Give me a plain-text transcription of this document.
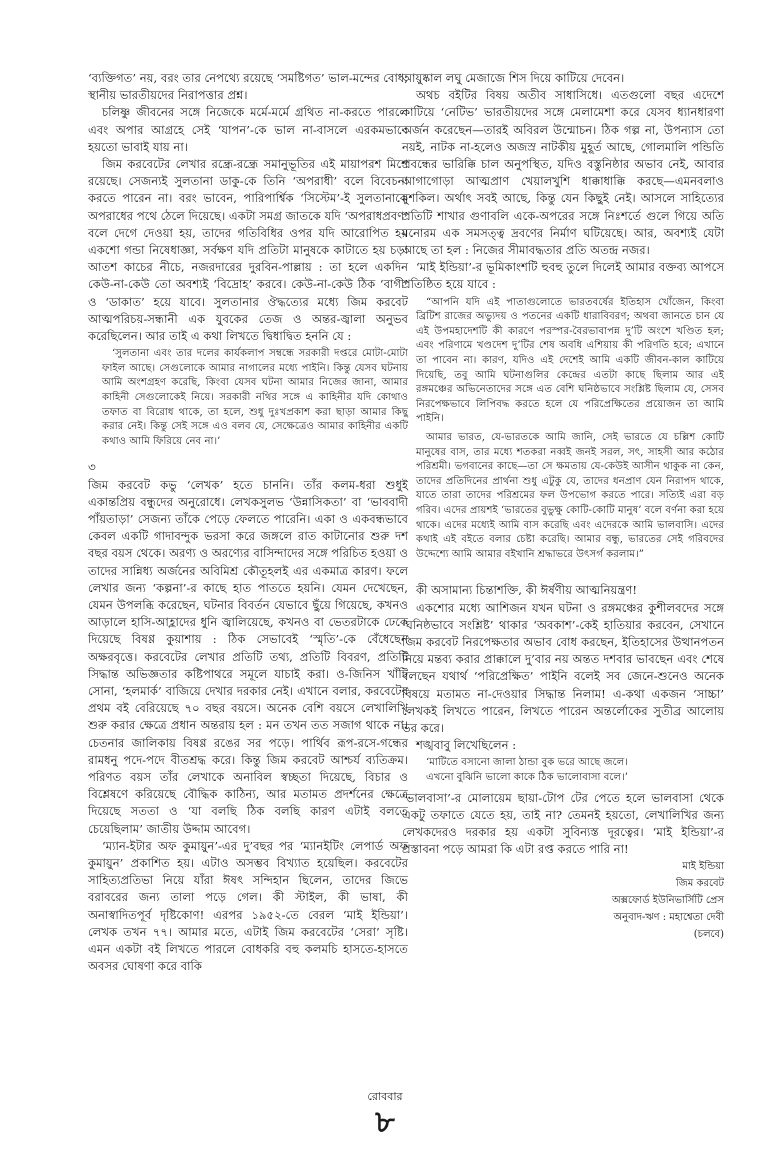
‘ব্যক্তিগত’ নয়, বরং তার নেপথ্যে রয়েছে ‘সমষ্টিগত’ ভাল-মন্দের বোধ, স্থানীয় ভারতীয়দের নিরাপত্তার প্রশ্ন।

চলিষ্ণু জীবনের সঙ্গে নিজেকে মর্মে-মর্মে গ্রথিত না-করতে পারলে এবং অপার আগ্রহে সেই ‘যাপন’-কে ভাল না-বাসলে এরকমভাবে হয়তো ভাবাই যায় না।

জিম করবেটের লেখার রন্ধ্রে-রন্ধ্রে সমানুভূতির এই মায়াপরশ মিশে রয়েছে। সেজন্যই সুলতানা ডাকু-কে তিনি ‘অপরাধী’ বলে বিবেচনা করতে পারেন না। বরং ভাবেন, পারিপার্শ্বিক ‘সিস্টেম’-ই সুলতানাকে অপরাধের পথে ঠেলে দিয়েছে। একটা সমগ্র জাতকে যদি ‘অপরাধপ্রবণ’ বলে দেগে দেওয়া হয়, তাদের গতিবিধির ওপর যদি আরোপিত হয় একশো গন্ডা নিষেধাজ্ঞা, সর্বক্ষণ যদি প্রতিটা মানুষকে কাটাতে হয় চড়া আতশ কাচের নীচে, নজরদারের দুরবিন-পাল্লায় : তা হলে একদিন কেউ-না-কেউ তো অবশ্যই ‘বিদ্রোহ’ করবে। কেউ-না-কেউ ঠিক ‘বাগী’ ও ‘ডাকাত’ হয়ে যাবে। সুলতানার ঔদ্ধত্যের মধ্যে জিম করবেট আত্মপরিচয়-সন্ধানী এক যুবকের তেজ ও অন্তর-জ্বালা অনুভব করেছিলেন। আর তাই এ কথা লিখতে দ্বিধাদ্বিত হননি যে :

‘সুলতানা এবং তার দলের কার্যকলাপ সম্বন্ধে সরকারী দপ্তরে মোটা-মোটা ফাইল আছে। সেগুলোকে আমার নাগালের মধ্যে পাইনি। কিন্তু যেসব ঘটনায় আমি অংশগ্রহণ করেছি, কিংবা যেসব ঘটনা আমার নিজের জানা, আমার কাহিনী সেগুলোকেই নিয়ে। সরকারী নথির সঙ্গে এ কাহিনীর যদি কোথাও তফাত বা বিরোধ থাকে, তা হলে, শুধু দুঃখপ্রকাশ করা ছাড়া আমার কিছু করার নেই। কিন্তু সেই সঙ্গে এও বলব যে, সেক্ষেত্রেও আমার কাহিনীর একটি কথাও আমি ফিরিয়ে নেব না।’

৩

জিম করবেট কভু ‘লেখক’ হতে চাননি। তাঁর কলম-ধরা শুধুই একান্তপ্রিয় বন্ধুদের অনুরোধে। লেখকসুলভ ‘উন্নাসিকতা’ বা ‘ভাববাদী পাঁয়তাড়া’ সেজন্য তাঁকে পেড়ে ফেলতে পারেনি। একা ও একবন্ধভাবে কেবল একটি গাদাবন্দুক ভরসা করে জঙ্গলে রাত কাটানোর শুরু দশ বছর বয়স থেকে। অরণ্য ও অরণ্যের বাসিন্দাদের সঙ্গে পরিচিত হওয়া ও তাদের সান্নিধ্য অর্জনের অবিমিশ্র কৌতূহলই এর একমাত্র কারণ। ফলে লেখার জন্য ‘কল্পনা’-র কাছে হাত পাততে হয়নি। যেমন দেখেছেন, যেমন উপলব্ধি করেছেন, ঘটনার বিবর্তন যেভাবে ছুঁয়ে গিয়েছে, কখনও আড়ালে হাসি-আহ্লাদের ধুনি জ্বালিয়েছে, কখনও বা ভেতরটাকে ঢেকে দিয়েছে বিষণ্ণ কুয়াশায় : ঠিক সেভাবেই ‘স্মৃতি’-কে বেঁধেছেন অক্ষরবৃত্তে। করবেটের লেখার প্রতিটি তথ্য, প্রতিটি বিবরণ, প্রতিটি সিদ্ধান্ত অভিজ্ঞতার কষ্টিপাথরে সমূলে যাচাই করা। ও-জিনিস খাঁটি সোনা, ‘হলমার্ক’ বাজিয়ে দেখার দরকার নেই। এখানে বলার, করবেটের প্রথম বই বেরিয়েছে ৭০ বছর বয়সে। অনেক বেশি বয়সে লেখালিখি শুরু করার ক্ষেত্রে প্রধান অন্তরায় হল : মন তখন তত সজাগ থাকে না। চেতনার জালিকায় বিষণ্ণ রঙের সর পড়ে। পার্থিব রূপ-রসে-গন্ধের রামধনু পদে-পদে বীতশ্রদ্ধ করে। কিন্তু জিম করবেট আশ্চর্য ব্যতিক্রম। পরিণত বয়স তাঁর লেখাকে অনাবিল স্বচ্ছতা দিয়েছে, বিচার ও বিশ্লেষণে করিয়েছে বৌদ্ধিক কাঠিন্য, আর মতামত প্রদর্শনের ক্ষেত্রে দিয়েছে সততা ও ‘যা বলছি ঠিক বলছি কারণ এটাই বলতে চেয়েছিলাম’ জাতীয় উদ্দাম আবেগ।

‘ম্যান-ইটার অফ কুমায়ুন’-এর দু’বছর পর ‘ম্যানইটিং লেপার্ড অফ কুমায়ুন’ প্রকাশিত হয়। এটাও অসম্ভব বিখ্যাত হয়েছিল। করবেটের সাহিত্যপ্রতিভা নিয়ে যাঁরা ঈষৎ সন্দিহান ছিলেন, তাদের জিভে বরাবরের জন্য তালা পড়ে গেল। কী স্টাইল, কী ভাষা, কী অনাস্বাদিতপূর্ব দৃষ্টিকোণ! এরপর ১৯৫২-তে বেরল ‘মাই ইন্ডিয়া’। লেখক তখন ৭৭। আমার মতে, এটাই জিম করবেটের ‘সেরা’ সৃষ্টি। এমন একটা বই লিখতে পারলে বোধকরি বহু কলমচি হাসতে-হাসতে অবসর ঘোষণা করে বাকি

আয়ুষ্কাল লঘু মেজাজে শিস দিয়ে কাটিয়ে দেবেন।

অথচ বইটির বিষয় অতীব সাধাসিধে। এতগুলো বছর এদেশে কাটিয়ে ‘নেটিভ’ ভারতীয়দের সঙ্গে মেলামেশা করে যেসব ধ্যানধারণা অর্জন করেছেন—তারই অবিরল উন্মোচন। ঠিক গল্প না, উপন্যাস তো নয়ই, নাটক না-হলেও অজস্র নাটকীয় মুহূর্ত আছে, গোলমালি পন্ডিতি প্রবন্ধের ভারিক্কি চাল অনুপস্থিত, যদিও বস্তুনিষ্ঠার অভাব নেই, আবার আগাগোড়া আত্মপ্রাণ খেয়ালখুশি ধাক্কাধাক্কি করছে—এমনবলাও মুশকিল। অর্থাৎ সবই আছে, কিন্তু যেন কিছুই নেই। আসলে সাহিত্যের প্রতিটি শাখার গুণাবলি একে-অপরের সঙ্গে নিঃশর্তে গুলে গিয়ে অতি মনোরম এক সমসত্ত্ব দ্রবণের নির্মাণ ঘটিয়েছে। আর, অবশ্যই যেটা আছে তা হল : নিজের সীমাবদ্ধতার প্রতি অতন্দ্র নজর।

‘মাই ইন্ডিয়া’-র ভূমিকাংশটি হুবহু তুলে দিলেই আমার বক্তব্য আপসে প্রতিষ্ঠিত হয়ে যাবে :

“আপনি যদি এই পাতাগুলোতে ভারতবর্ষের ইতিহাস খোঁজেন, কিংবা ব্রিটিশ রাজের অভ্যুদয় ও পতনের একটি ধারাবিবরণ; অথবা জানতে চান যে এই উপমহাদেশটি কী কারণে পরস্পর-বৈরভাবাপন্ন দু’টি অংশে খণ্ডিত হল; এবং পরিণামে খণ্ডদেশ দু’টির শেষ অবধি এশিয়ায় কী পরিণতি হবে; এখানে তা পাবেন না। কারণ, যদিও এই দেশেই আমি একটি জীবন-কাল কাটিয়ে দিয়েছি, তবু আমি ঘটনাগুলির কেন্দ্রের এতটা কাছে ছিলাম আর এই রঙ্গমঞ্চের অভিনেতাদের সঙ্গে এত বেশি ঘনিষ্ঠভাবে সংশ্লিষ্ট ছিলাম যে, সেসব নিরপেক্ষভাবে লিপিবদ্ধ করতে হলে যে পরিপ্রেক্ষিতের প্রয়োজন তা আমি পাইনি।
আমার ভারত, যে-ভারতকে আমি জানি, সেই ভারতে যে চল্লিশ কোটি মানুষের বাস, তার মধ্যে শতকরা নব্বই জনই সরল, সৎ, সাহসী আর কঠোর পরিশ্রমী। ভগবানের কাছে—তা সে ক্ষমতায় যে-কেউই আসীন থাকুক না কেন, তাদের প্রতিদিনের প্রার্থনা শুধু এটুকু যে, তাদের ধনপ্রাণ যেন নিরাপদ থাকে, যাতে তারা তাদের পরিশ্রমের ফল উপভোগ করতে পারে। সত্যিই এরা বড় গরিব। এদের প্রায়শই ‘ভারতের বুভুক্ষু কোটি-কোটি মানুষ’ বলে বর্ণনা করা হয়ে থাকে। এদের মধ্যেই আমি বাস করেছি এবং এদেরকে আমি ভালবাসি। এদের কথাই এই বইতে বলার চেষ্টা করেছি। আমার বন্ধু, ভারতের সেই গরিবদের উদ্দেশ্যে আমি আমার বইখানি শ্রদ্ধাভরে উৎসর্গ করলাম।”

কী অসামান্য চিন্তাশক্তি, কী ঈর্ষণীয় আত্মনিয়ন্ত্রণ!

একশোর মধ্যে আশিজন যখন ঘটনা ও রঙ্গমঞ্চের কুশীলবদের সঙ্গে ‘ঘনিষ্ঠভাবে সংশ্লিষ্ট’ থাকার ‘অবকাশ’-কেই হাতিয়ার করবেন, সেখানে জিম করবেট নিরপেক্ষতার অভাব বোধ করছেন, ইতিহাসের উত্থানপতন নিয়ে মন্তব্য করার প্রাক্কালে দু’বার নয় অন্তত দশবার ভাবছেন এবং শেষে বলছেন যথার্থ ‘পরিপ্রেক্ষিত’ পাইনি বলেই সব জেনে-শুনেও অনেক বিষয়ে মতামত না-দেওয়ার সিদ্ধান্ত নিলাম! এ-কথা একজন ‘সাচ্চা’ লেখকই লিখতে পারেন, লিখতে পারেন অন্তর্লোকের সুতীব্র আলোয় ভর করে।

শঙ্খবাবু লিখেছিলেন :

‘মাটিতে বসানো জালা ঠান্ডা বুক ভরে আছে জলে।
এখনো বুঝিনি ভালো কাকে ঠিক ভালোবাসা বলে।’

‘ভালবাসা’-র মোলায়েম ছায়া-টোপ টের পেতে হলে ভালবাসা থেকে একটু তফাতে যেতে হয়, তাই না? তেমনই হয়তো, লেখালিখির জন্য লেখকদেরও দরকার হয় একটা সুবিন্যস্ত দূরত্বের। ‘মাই ইন্ডিয়া’-র প্রস্তাবনা পড়ে আমরা কি এটা রপ্ত করতে পারি না!

মাই ইন্ডিয়া
জিম করবেট
অক্সফোর্ড ইউনিভার্সিটি প্রেস
অনুবাদ-ঋণ : মহাশ্বেতা দেবী
(চলবে)
রোববার
৮
